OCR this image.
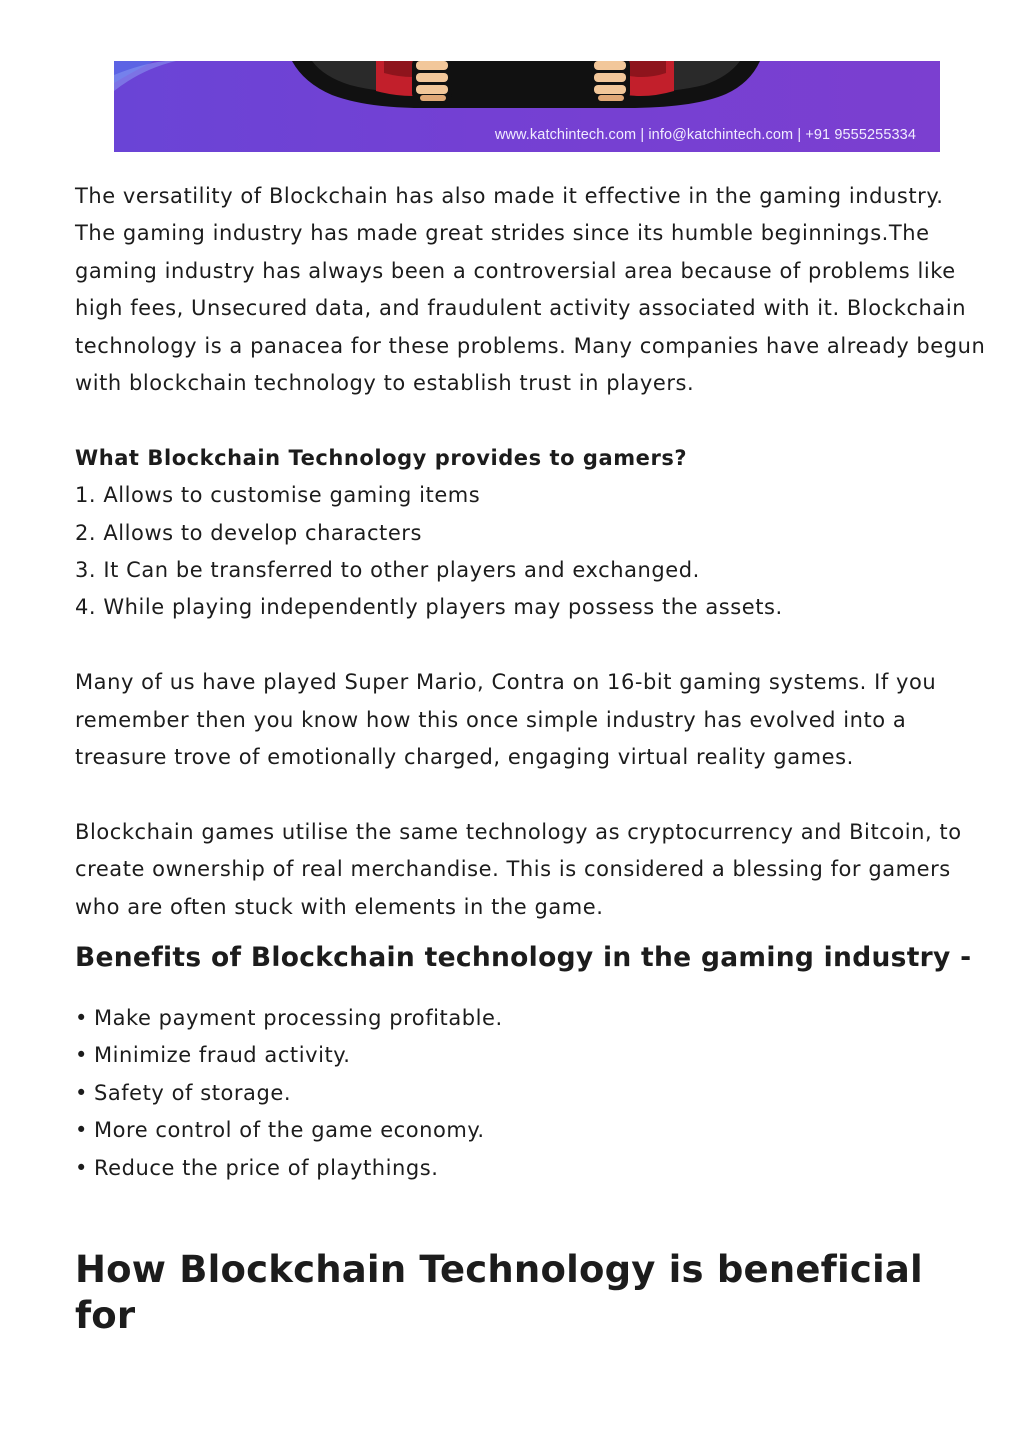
www.katchintech.com | info@katchintech.com | +91 9555255334

The versatility of Blockchain has also made it effective in the gaming industry. The gaming industry has made great strides since its humble beginnings.The gaming industry has always been a controversial area because of problems like high fees, Unsecured data, and fraudulent activity associated with it. Blockchain technology is a panacea for these problems. Many companies have already begun with blockchain technology to establish trust in players.

What Blockchain Technology provides to gamers?

1. Allows to customise gaming items

2. Allows to develop characters

3. It Can be transferred to other players and exchanged.

4. While playing independently players may possess the assets.

Many of us have played Super Mario, Contra on 16-bit gaming systems. If you remember then you know how this once simple industry has evolved into a treasure trove of emotionally charged, engaging virtual reality games.

Blockchain games utilise the same technology as cryptocurrency and Bitcoin, to create ownership of real merchandise. This is considered a blessing for gamers who are often stuck with elements in the game.

Benefits of Blockchain technology in the gaming industry -
• Make payment processing profitable.
• Minimize fraud activity.
• Safety of storage.
• More control of the game economy.
• Reduce the price of playthings.
How Blockchain Technology is beneficial for
